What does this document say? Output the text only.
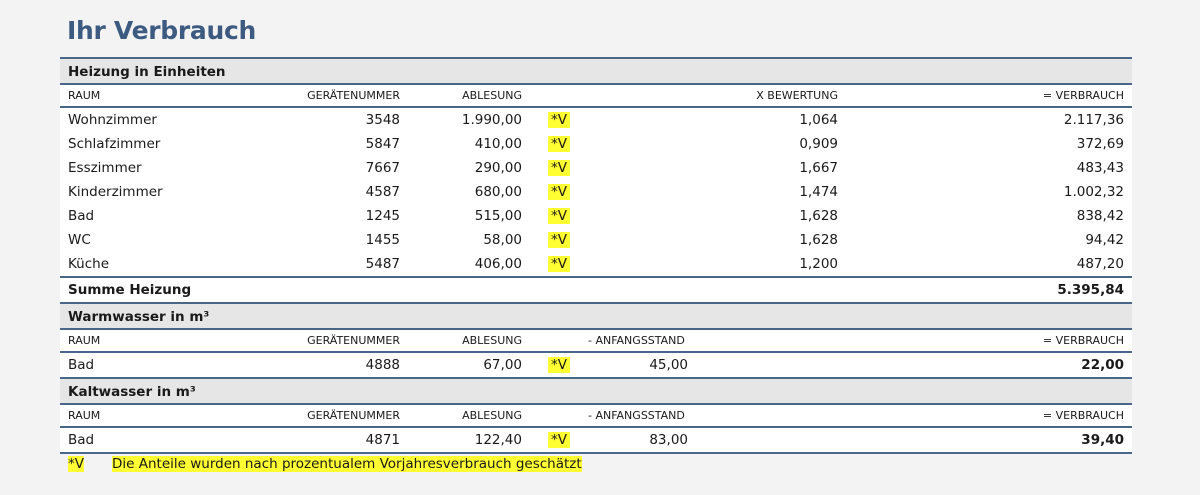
Ihr Verbrauch
Heizung in Einheiten
RAUM	GERÄTENUMMER	ABLESUNG	X BEWERTUNG	= VERBRAUCH
Wohnzimmer	3548	1.990,00 *V	1,064	2.117,36
Schlafzimmer	5847	410,00 *V	0,909	372,69
Esszimmer	7667	290,00 *V	1,667	483,43
Kinderzimmer	4587	680,00 *V	1,474	1.002,32
Bad	1245	515,00 *V	1,628	838,42
WC	1455	58,00 *V	1,628	94,42
Küche	5487	406,00 *V	1,200	487,20
Summe Heizung	5.395,84
Warmwasser in m³
RAUM	GERÄTENUMMER	ABLESUNG	- ANFANGSSTAND	= VERBRAUCH
Bad	4888	67,00 *V	45,00	22,00
Kaltwasser in m³
RAUM	GERÄTENUMMER	ABLESUNG	- ANFANGSSTAND	= VERBRAUCH
Bad	4871	122,40 *V	83,00	39,40
*V Die Anteile wurden nach prozentualem Vorjahresverbrauch geschätzt
